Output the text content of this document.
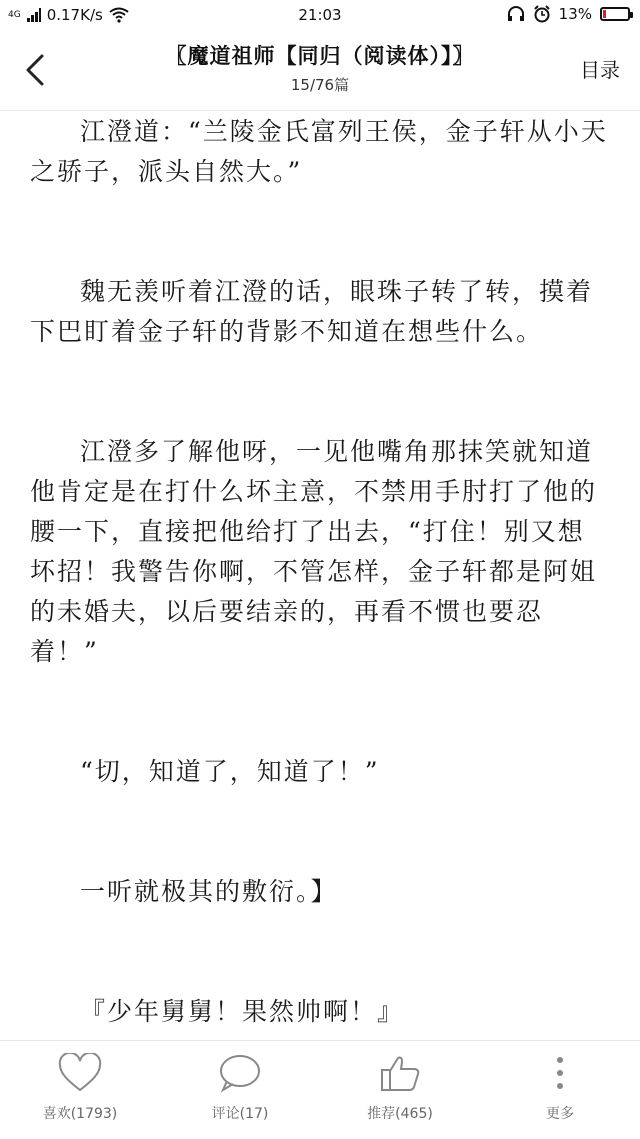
4G 0.17K/s	21:03	13%
〖魔道祖师【同归（阅读体）】〗
15/76篇
目录

江澄道：“兰陵金氏富列王侯，金子轩从小天之骄子，派头自然大。”

魏无羡听着江澄的话，眼珠子转了转，摸着下巴盯着金子轩的背影不知道在想些什么。

江澄多了解他呀，一见他嘴角那抹笑就知道他肯定是在打什么坏主意，不禁用手肘打了他的腰一下，直接把他给打了出去，“打住！别又想坏招！我警告你啊，不管怎样，金子轩都是阿姐的未婚夫，以后要结亲的，再看不惯也要忍着！”

“切，知道了，知道了！”

一听就极其的敷衍。】

『少年舅舅！果然帅啊！』

喜欢(1793)	评论(17)	推荐(465)	更多
